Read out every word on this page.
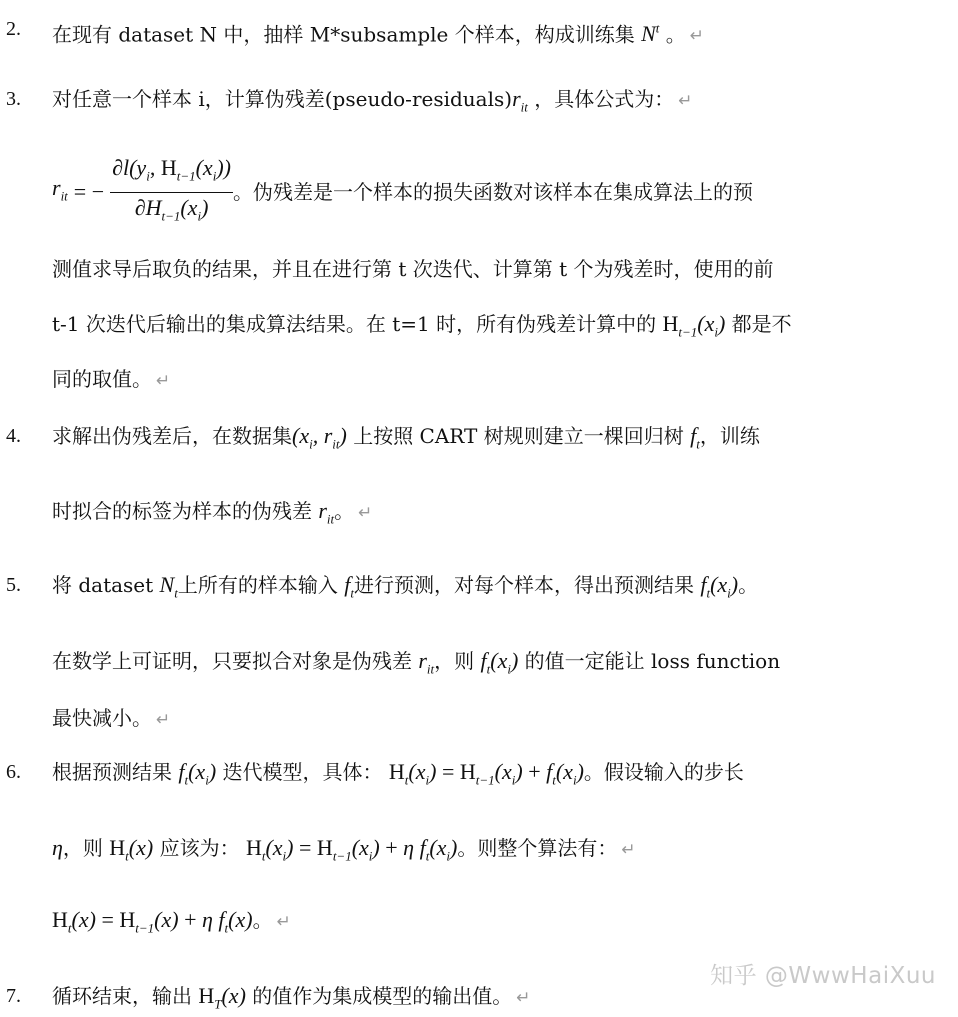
2.	在现有 dataset N 中，抽样 M*subsample 个样本，构成训练集 $N^t$ 。 ↵
3.	对任意一个样本 i，计算伪残差$(pseudo-residuals)r_{it}$ ，具体公式为： ↵
$r_{it}$ = − $\frac{\partial l(y_i, H_{t-1}(x_i))}{\partial H_{t-1}(x_i)}$ 。伪残差是一个样本的损失函数对该样本在集成算法上的预
测值求导后取负的结果，并且在进行第 t 次迭代、计算第 t 个为残差时，使用的前
t-1 次迭代后输出的集成算法结果。在 t=1 时，所有伪残差计算中的 $H_{t-1}(x_i)$ 都是不
同的取值。 ↵
4.	求解出伪残差后，在数据集($x_i$, $r_{it}$) 上按照 CART 树规则建立一棵回归树 $f_t$，训练
时拟合的标签为样本的伪残差 $r_{it}$。 ↵
5.	将 dataset $N_t$上所有的样本输入 $f_t$进行预测，对每个样本，得出预测结果 $f_t(x_i)$。
在数学上可证明，只要拟合对象是伪残差 $r_{it}$，则 $f_t(x_i)$ 的值一定能让 loss function
最快减小。 ↵
6.	根据预测结果 $f_t(x_i)$ 迭代模型，具体： $H_t(x_i) = H_{t-1}(x_i) + f_t(x_i)$。假设输入的步长
η，则 $H_t(x)$ 应该为： $H_t(x_i) = H_{t-1}(x_i) + \eta$ $f_t(x_i)$。则整个算法有： ↵
$H_t(x) = H_{t-1}(x) + \eta$ $f_t(x)$。 ↵
7.	循环结束，输出 $H_T(x)$ 的值作为集成模型的输出值。 ↵
知乎 @WwwHaiXuu
